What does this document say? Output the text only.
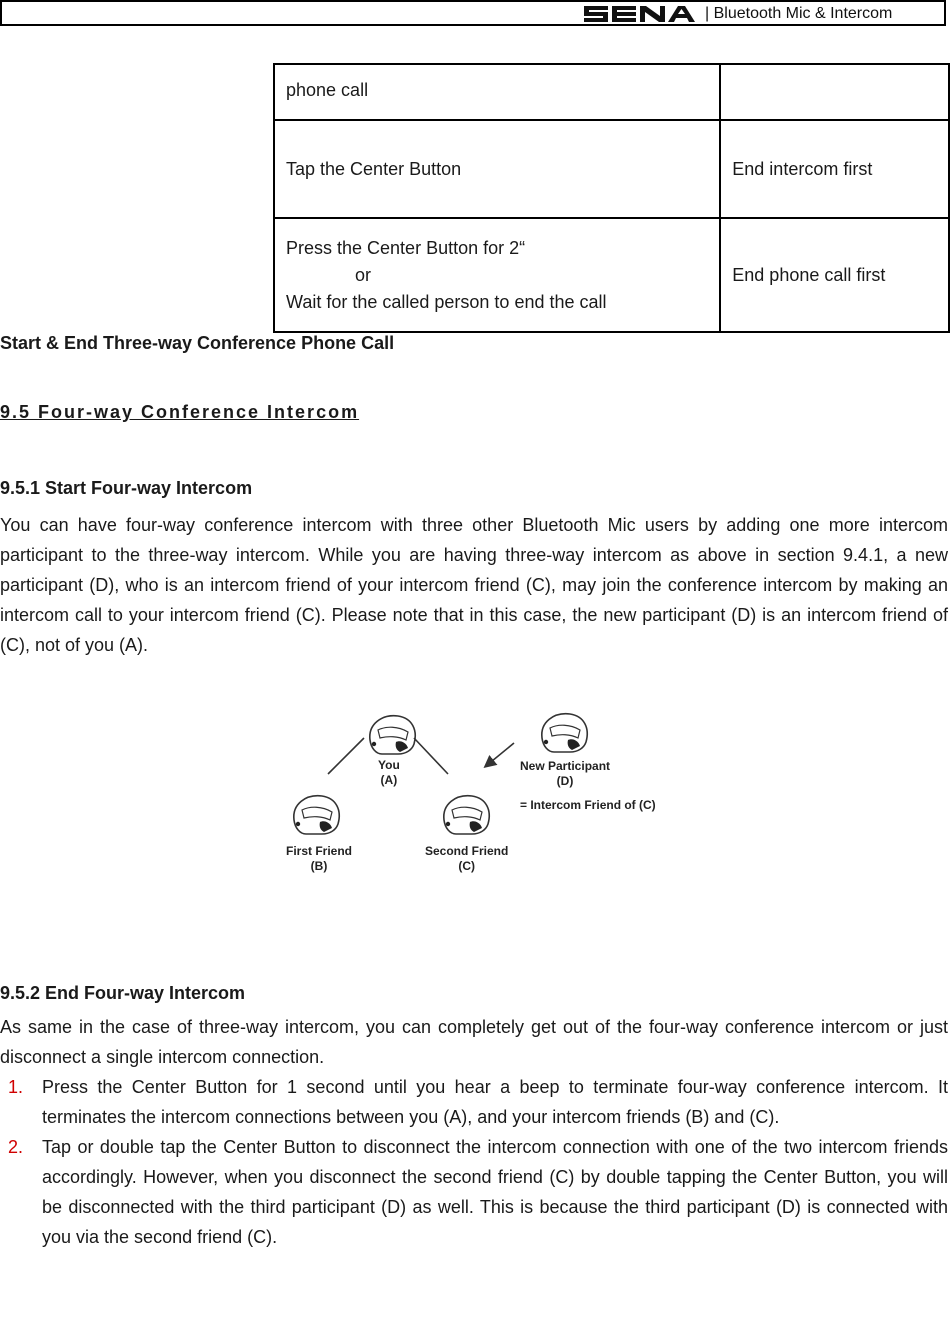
| Bluetooth Mic & Intercom
phone call	

Tap the Center Button	End intercom first

Press the Center Button for 2“
or
Wait for the called person to end the call	End phone call first
Start & End Three-way Conference Phone Call
9.5 Four-way Conference Intercom
9.5.1 Start Four-way Intercom

You can have four-way conference intercom with three other Bluetooth Mic users by adding one more intercom participant to the three-way intercom. While you are having three-way intercom as above in section 9.4.1, a new participant (D), who is an intercom friend of your intercom friend (C), may join the conference intercom by making an intercom call to your intercom friend (C). Please note that in this case, the new participant (D) is an intercom friend of (C), not of you (A).

You
(A)
First Friend
(B)
Second Friend
(C)
New Participant
(D)
= Intercom Friend of (C)
9.5.2 End Four-way Intercom

As same in the case of three-way intercom, you can completely get out of the four-way conference intercom or just disconnect a single intercom connection.

1. Press the Center Button for 1 second until you hear a beep to terminate four-way conference intercom. It terminates the intercom connections between you (A), and your intercom friends (B) and (C).
2. Tap or double tap the Center Button to disconnect the intercom connection with one of the two intercom friends accordingly. However, when you disconnect the second friend (C) by double tapping the Center Button, you will be disconnected with the third participant (D) as well. This is because the third participant (D) is connected with you via the second friend (C).
